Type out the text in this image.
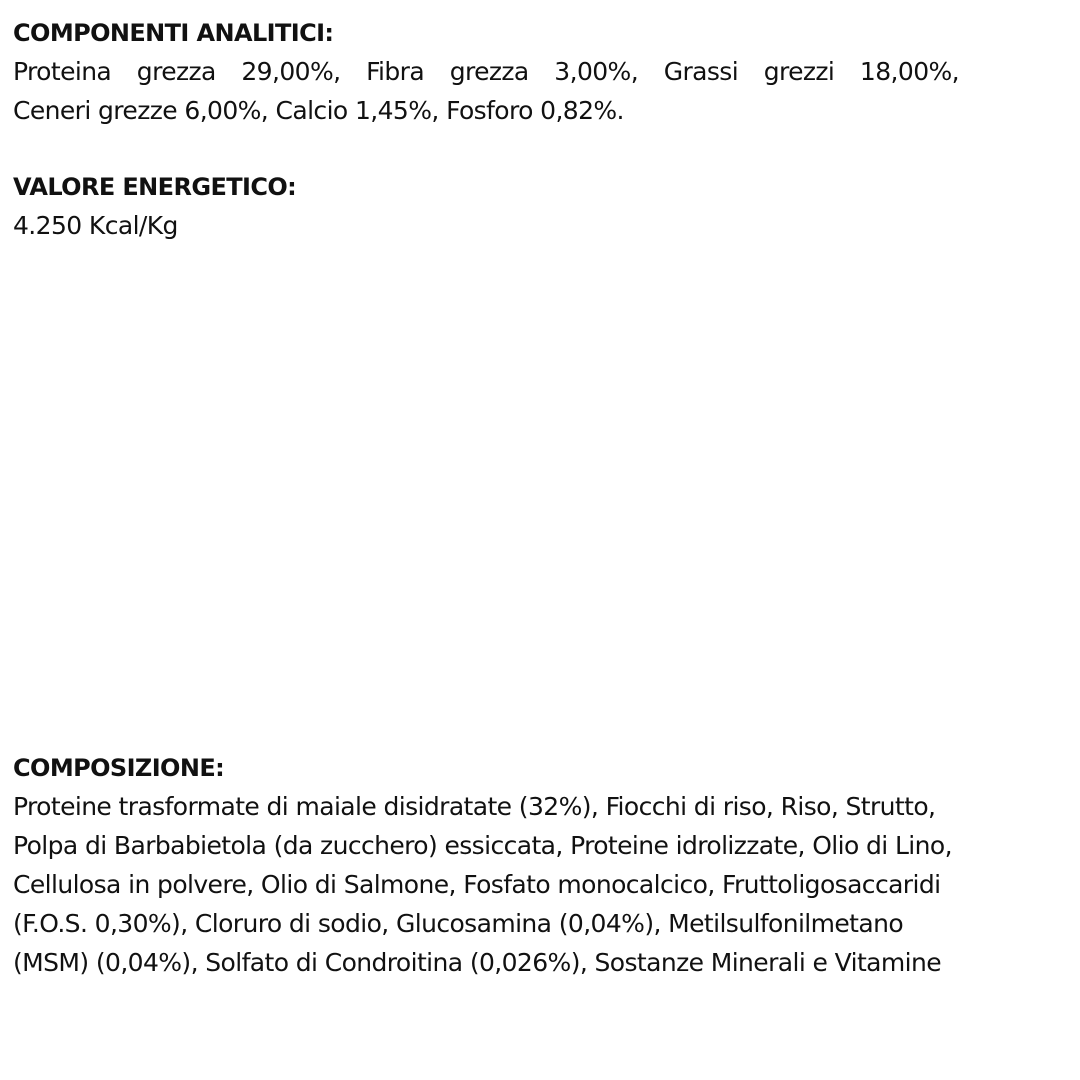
COMPONENTI ANALITICI:
Proteina grezza 29,00%, Fibra grezza 3,00%, Grassi grezzi 18,00%,
Ceneri grezze 6,00%, Calcio 1,45%, Fosforo 0,82%.
VALORE ENERGETICO:
4.250 Kcal/Kg
COMPOSIZIONE:
Proteine trasformate di maiale disidratate (32%), Fiocchi di riso, Riso, Strutto,
Polpa di Barbabietola (da zucchero) essiccata, Proteine idrolizzate, Olio di Lino,
Cellulosa in polvere, Olio di Salmone, Fosfato monocalcico, Fruttoligosaccaridi
(F.O.S. 0,30%), Cloruro di sodio, Glucosamina (0,04%), Metilsulfonilmetano
(MSM) (0,04%), Solfato di Condroitina (0,026%), Sostanze Minerali e Vitamine
